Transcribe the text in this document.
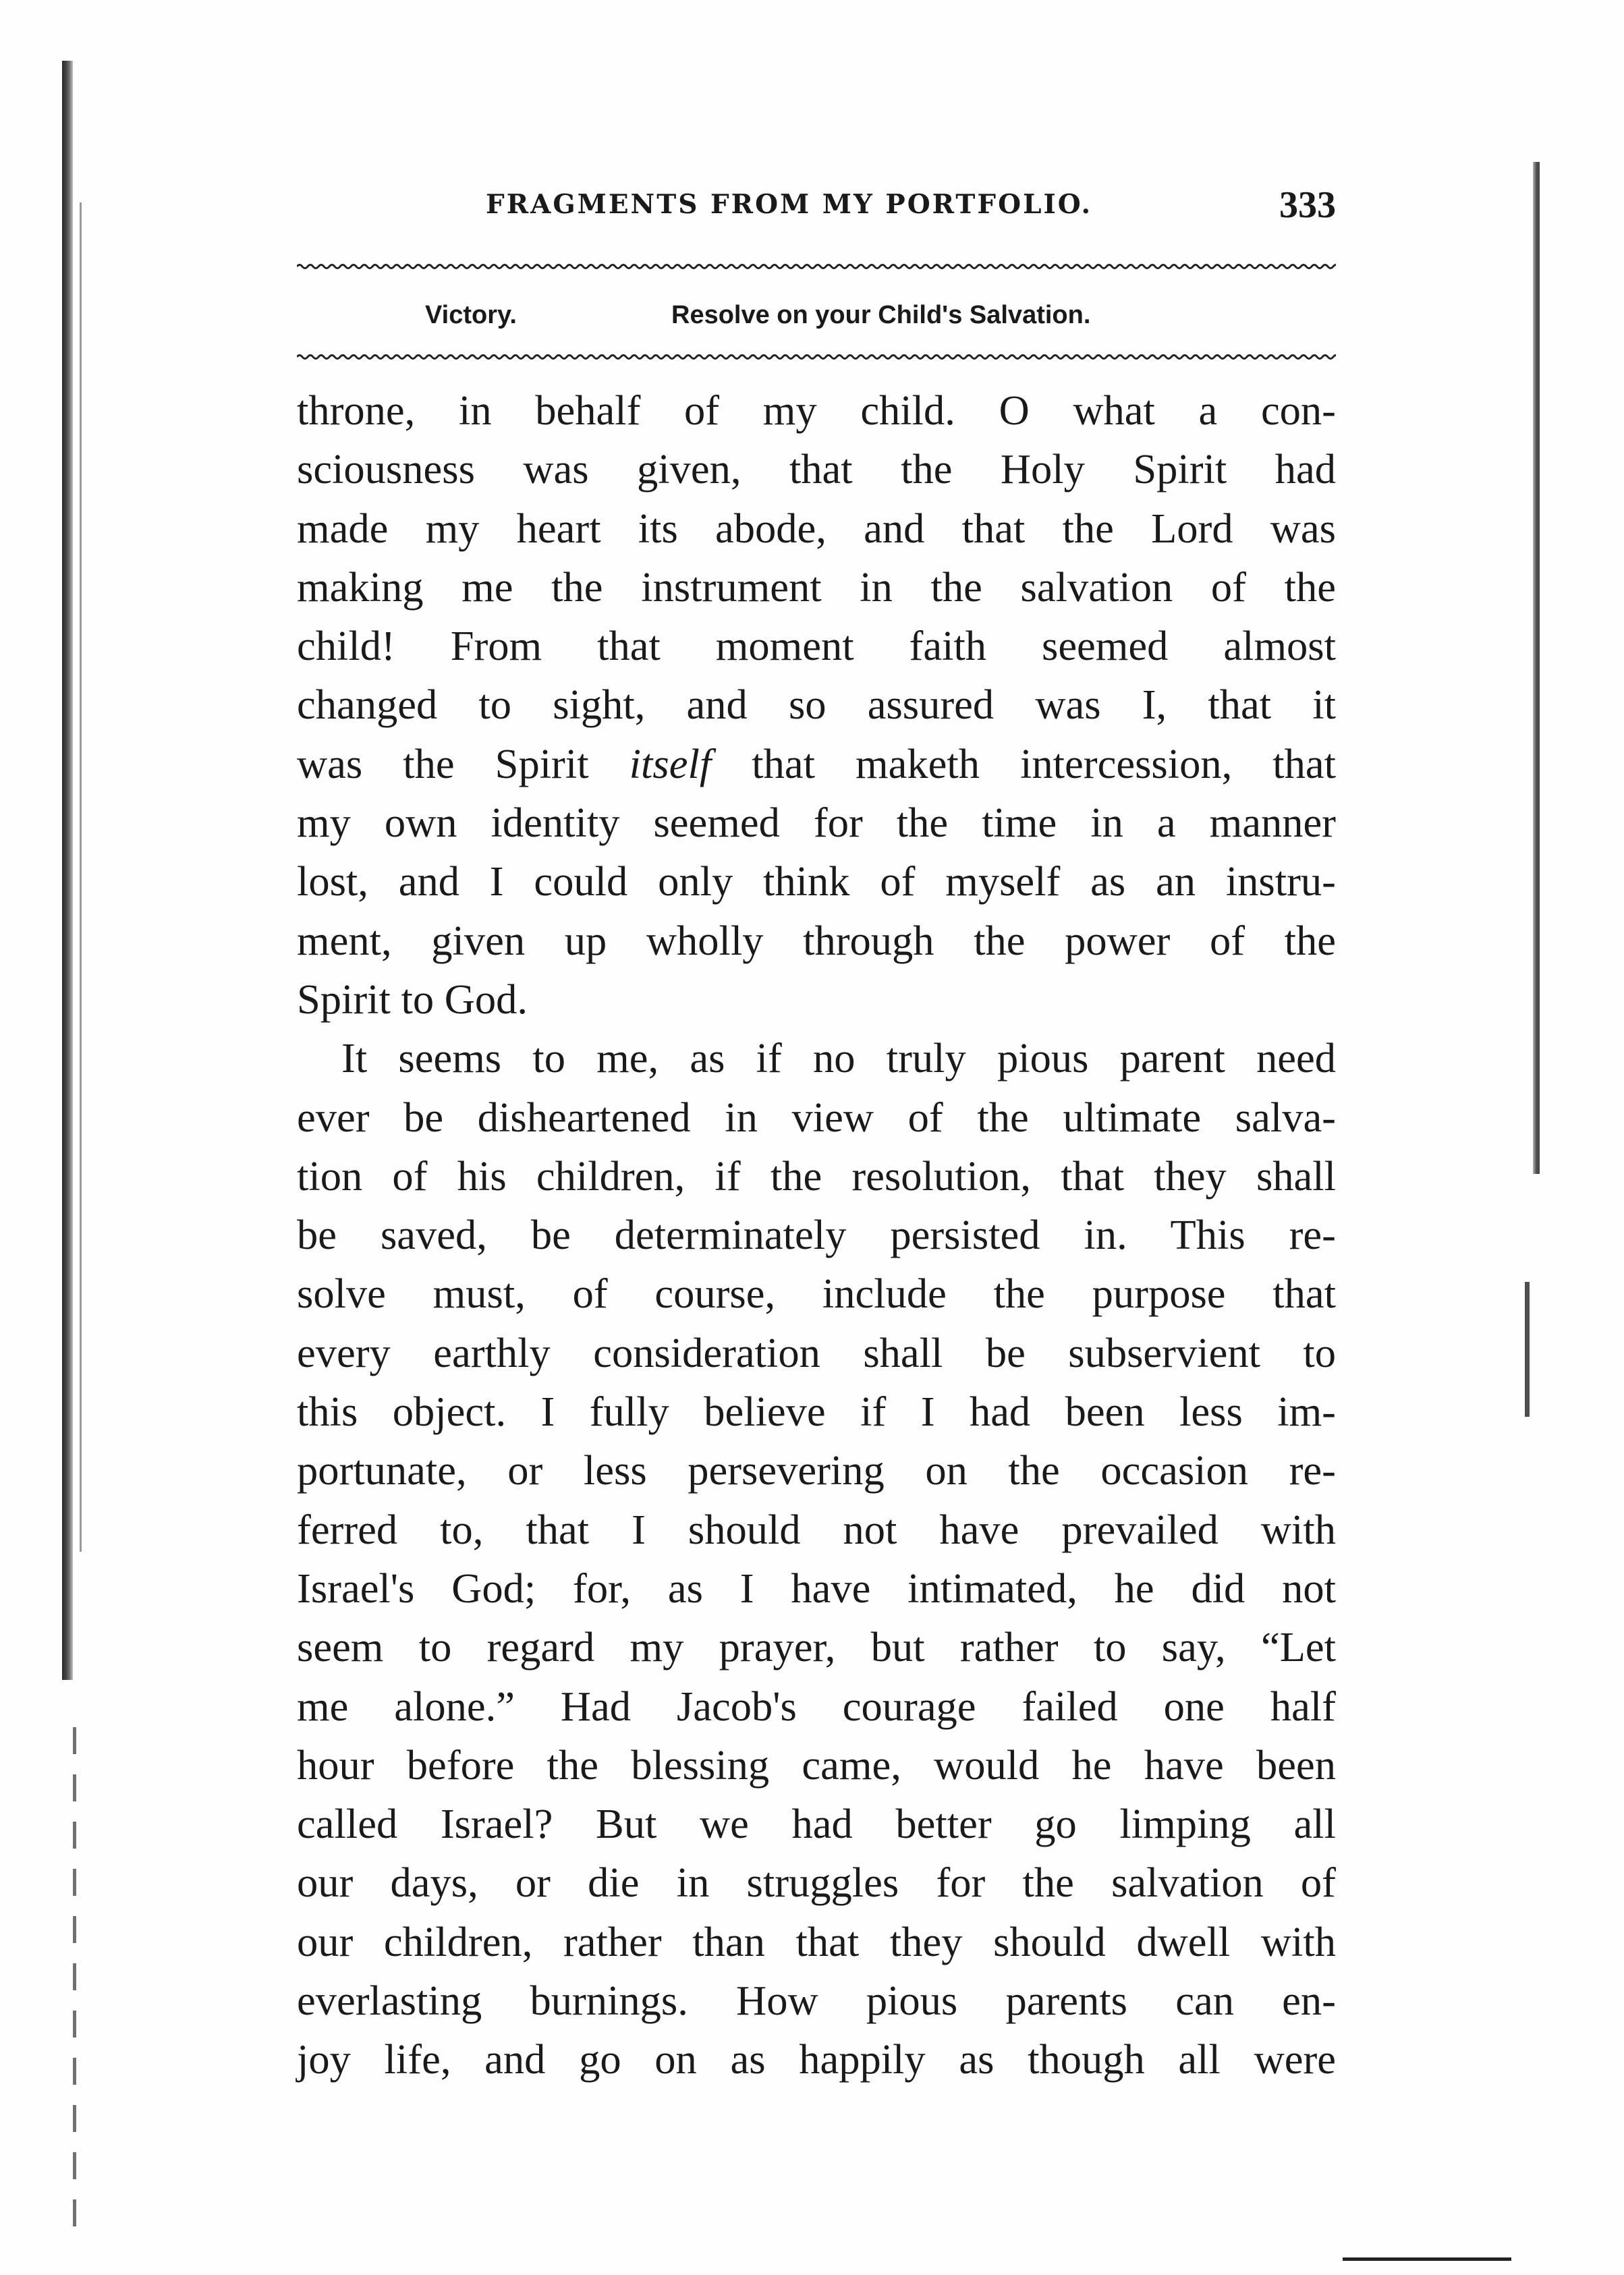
FRAGMENTS FROM MY PORTFOLIO.	333
Victory.	Resolve on your Child's Salvation.
throne, in behalf of my child. O what a con-
sciousness was given, that the Holy Spirit had
made my heart its abode, and that the Lord was
making me the instrument in the salvation of the
child! From that moment faith seemed almost
changed to sight, and so assured was I, that it
was the Spirit itself that maketh intercession, that
my own identity seemed for the time in a manner
lost, and I could only think of myself as an instru-
ment, given up wholly through the power of the
Spirit to God.
It seems to me, as if no truly pious parent need
ever be disheartened in view of the ultimate salva-
tion of his children, if the resolution, that they shall
be saved, be determinately persisted in. This re-
solve must, of course, include the purpose that
every earthly consideration shall be subservient to
this object. I fully believe if I had been less im-
portunate, or less persevering on the occasion re-
ferred to, that I should not have prevailed with
Israel's God; for, as I have intimated, he did not
seem to regard my prayer, but rather to say, “Let
me alone.” Had Jacob's courage failed one half
hour before the blessing came, would he have been
called Israel? But we had better go limping all
our days, or die in struggles for the salvation of
our children, rather than that they should dwell with
everlasting burnings. How pious parents can en-
joy life, and go on as happily as though all were
